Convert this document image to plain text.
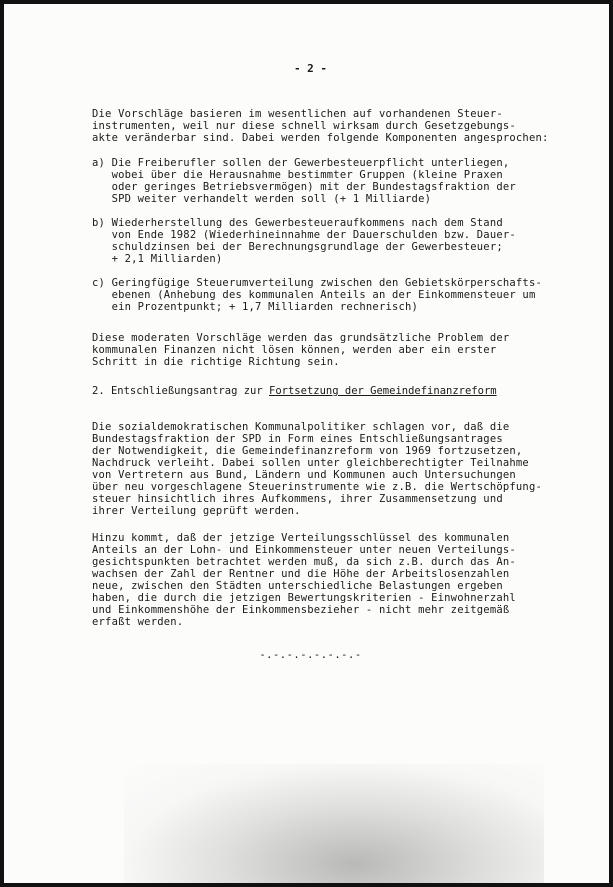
- 2 -
Die Vorschläge basieren im wesentlichen auf vorhandenen Steuer-
instrumenten, weil nur diese schnell wirksam durch Gesetzgebungs-
akte veränderbar sind. Dabei werden folgende Komponenten angesprochen:
a) Die Freiberufler sollen der Gewerbesteuerpflicht unterliegen,
wobei über die Herausnahme bestimmter Gruppen (kleine Praxen
oder geringes Betriebsvermögen) mit der Bundestagsfraktion der
SPD weiter verhandelt werden soll (+ 1 Milliarde)
b) Wiederherstellung des Gewerbesteueraufkommens nach dem Stand
von Ende 1982 (Wiederhineinnahme der Dauerschulden bzw. Dauer-
schuldzinsen bei der Berechnungsgrundlage der Gewerbesteuer;
+ 2,1 Milliarden)
c) Geringfügige Steuerumverteilung zwischen den Gebietskörperschafts-
ebenen (Anhebung des kommunalen Anteils an der Einkommensteuer um
ein Prozentpunkt; + 1,7 Milliarden rechnerisch)
Diese moderaten Vorschläge werden das grundsätzliche Problem der
kommunalen Finanzen nicht lösen können, werden aber ein erster
Schritt in die richtige Richtung sein.
2. Entschließungsantrag zur Fortsetzung der Gemeindefinanzreform
Die sozialdemokratischen Kommunalpolitiker schlagen vor, daß die
Bundestagsfraktion der SPD in Form eines Entschließungsantrages
der Notwendigkeit, die Gemeindefinanzreform von 1969 fortzusetzen,
Nachdruck verleiht. Dabei sollen unter gleichberechtigter Teilnahme
von Vertretern aus Bund, Ländern und Kommunen auch Untersuchungen
über neu vorgeschlagene Steuerinstrumente wie z.B. die Wertschöpfung-
steuer hinsichtlich ihres Aufkommens, ihrer Zusammensetzung und
ihrer Verteilung geprüft werden.
Hinzu kommt, daß der jetzige Verteilungsschlüssel des kommunalen
Anteils an der Lohn- und Einkommensteuer unter neuen Verteilungs-
gesichtspunkten betrachtet werden muß, da sich z.B. durch das An-
wachsen der Zahl der Rentner und die Höhe der Arbeitslosenzahlen
neue, zwischen den Städten unterschiedliche Belastungen ergeben
haben, die durch die jetzigen Bewertungskriterien - Einwohnerzahl
und Einkommenshöhe der Einkommensbezieher - nicht mehr zeitgemäß
erfaßt werden.
-.-.-.-.-.-.-.-
